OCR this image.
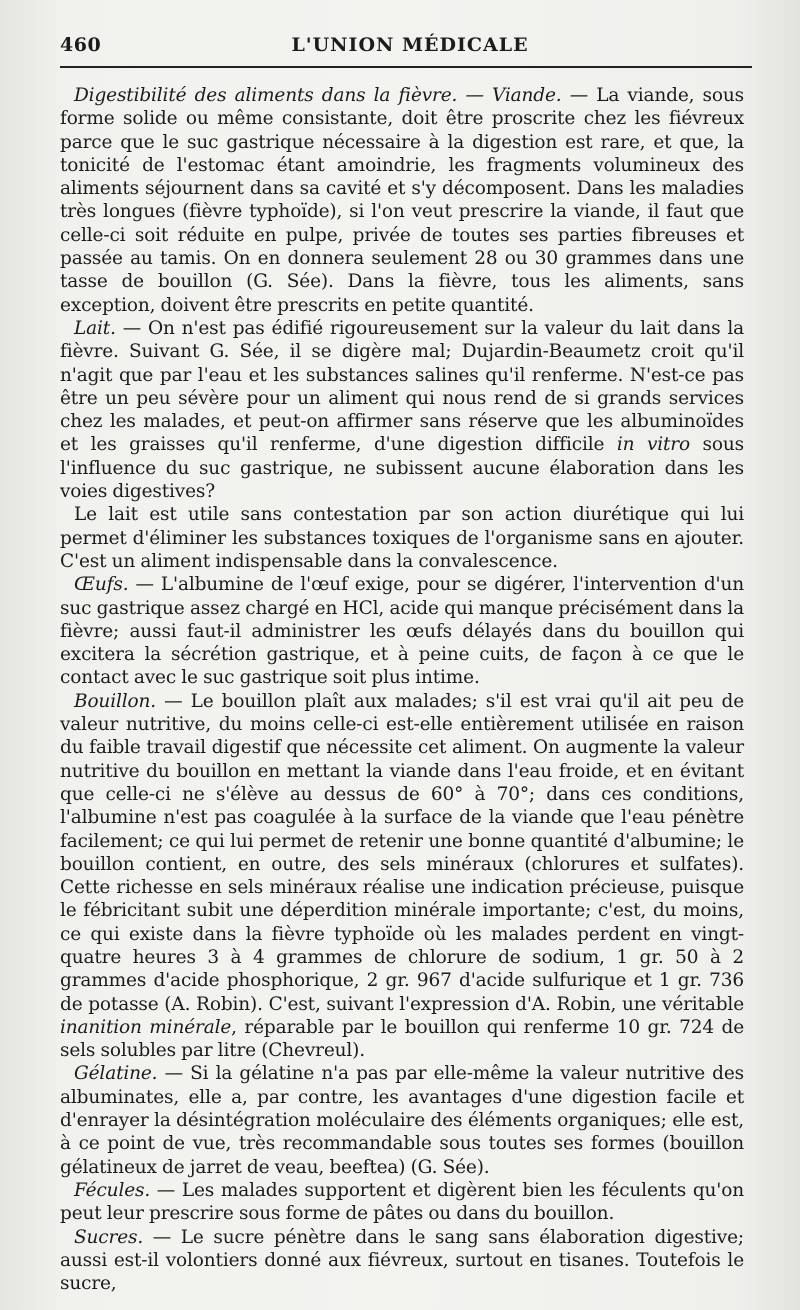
460	L'UNION MÉDICALE

Digestibilité des aliments dans la fièvre. — Viande. — La viande, sous forme solide ou même consistante, doit être proscrite chez les fiévreux parce que le suc gastrique nécessaire à la digestion est rare, et que, la tonicité de l'estomac étant amoindrie, les fragments volumineux des aliments séjournent dans sa cavité et s'y décomposent. Dans les maladies très longues (fièvre typhoïde), si l'on veut prescrire la viande, il faut que celle-ci soit réduite en pulpe, privée de toutes ses parties fibreuses et passée au tamis. On en donnera seulement 28 ou 30 grammes dans une tasse de bouillon (G. Sée). Dans la fièvre, tous les aliments, sans exception, doivent être prescrits en petite quantité.

Lait. — On n'est pas édifié rigoureusement sur la valeur du lait dans la fièvre. Suivant G. Sée, il se digère mal; Dujardin-Beaumetz croit qu'il n'agit que par l'eau et les substances salines qu'il renferme. N'est-ce pas être un peu sévère pour un aliment qui nous rend de si grands services chez les malades, et peut-on affirmer sans réserve que les albuminoïdes et les graisses qu'il renferme, d'une digestion difficile in vitro sous l'influence du suc gastrique, ne subissent aucune élaboration dans les voies digestives?

Le lait est utile sans contestation par son action diurétique qui lui permet d'éliminer les substances toxiques de l'organisme sans en ajouter. C'est un aliment indispensable dans la convalescence.

Œufs. — L'albumine de l'œuf exige, pour se digérer, l'intervention d'un suc gastrique assez chargé en HCl, acide qui manque précisément dans la fièvre; aussi faut-il administrer les œufs délayés dans du bouillon qui excitera la sécrétion gastrique, et à peine cuits, de façon à ce que le contact avec le suc gastrique soit plus intime.

Bouillon. — Le bouillon plaît aux malades; s'il est vrai qu'il ait peu de valeur nutritive, du moins celle-ci est-elle entièrement utilisée en raison du faible travail digestif que nécessite cet aliment. On augmente la valeur nutritive du bouillon en mettant la viande dans l'eau froide, et en évitant que celle-ci ne s'élève au dessus de 60° à 70°; dans ces conditions, l'albumine n'est pas coagulée à la surface de la viande que l'eau pénètre facilement; ce qui lui permet de retenir une bonne quantité d'albumine; le bouillon contient, en outre, des sels minéraux (chlorures et sulfates). Cette richesse en sels minéraux réalise une indication précieuse, puisque le fébricitant subit une déperdition minérale importante; c'est, du moins, ce qui existe dans la fièvre typhoïde où les malades perdent en vingt-quatre heures 3 à 4 grammes de chlorure de sodium, 1 gr. 50 à 2 grammes d'acide phosphorique, 2 gr. 967 d'acide sulfurique et 1 gr. 736 de potasse (A. Robin). C'est, suivant l'expression d'A. Robin, une véritable inanition minérale, réparable par le bouillon qui renferme 10 gr. 724 de sels solubles par litre (Chevreul).

Gélatine. — Si la gélatine n'a pas par elle-même la valeur nutritive des albuminates, elle a, par contre, les avantages d'une digestion facile et d'enrayer la désintégration moléculaire des éléments organiques; elle est, à ce point de vue, très recommandable sous toutes ses formes (bouillon gélatineux de jarret de veau, beeftea) (G. Sée).

Fécules. — Les malades supportent et digèrent bien les féculents qu'on peut leur prescrire sous forme de pâtes ou dans du bouillon.

Sucres. — Le sucre pénètre dans le sang sans élaboration digestive; aussi est-il volontiers donné aux fiévreux, surtout en tisanes. Toutefois le sucre,
